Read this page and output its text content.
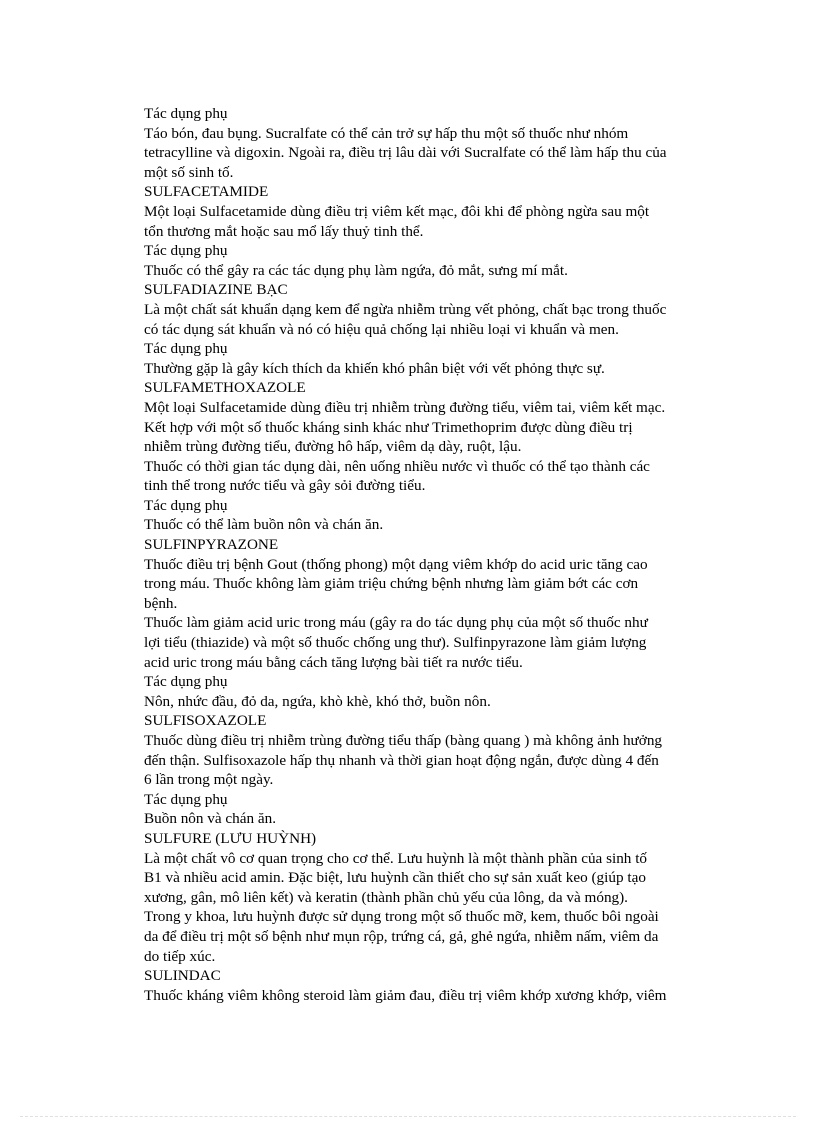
Tác dụng phụ
Táo bón, đau bụng. Sucralfate có thể cản trở sự hấp thu một số thuốc như nhóm
tetracylline và digoxin. Ngoài ra, điều trị lâu dài với Sucralfate có thể làm hấp thu của
một số sinh tố.
SULFACETAMIDE
Một loại Sulfacetamide dùng điều trị viêm kết mạc, đôi khi để phòng ngừa sau một
tổn thương mắt hoặc sau mổ lấy thuỷ tinh thể.
Tác dụng phụ
Thuốc có thể gây ra các tác dụng phụ làm ngứa, đỏ mắt, sưng mí mắt.
SULFADIAZINE BẠC
Là một chất sát khuẩn dạng kem để ngừa nhiễm trùng vết phỏng, chất bạc trong thuốc
có tác dụng sát khuẩn và nó có hiệu quả chống lại nhiều loại vi khuẩn và men.
Tác dụng phụ
Thường gặp là gây kích thích da khiến khó phân biệt với vết phỏng thực sự.
SULFAMETHOXAZOLE
Một loại Sulfacetamide dùng điều trị nhiễm trùng đường tiểu, viêm tai, viêm kết mạc.
Kết hợp với một số thuốc kháng sinh khác như Trimethoprim được dùng điều trị
nhiễm trùng đường tiểu, đường hô hấp, viêm dạ dày, ruột, lậu.
Thuốc có thời gian tác dụng dài, nên uống nhiều nước vì thuốc có thể tạo thành các
tinh thể trong nước tiểu và gây sỏi đường tiểu.
Tác dụng phụ
Thuốc có thể làm buồn nôn và chán ăn.
SULFINPYRAZONE
Thuốc điều trị bệnh Gout (thống phong) một dạng viêm khớp do acid uric tăng cao
trong máu. Thuốc không làm giảm triệu chứng bệnh nhưng làm giảm bớt các cơn
bệnh.
Thuốc làm giảm acid uric trong máu (gây ra do tác dụng phụ của một số thuốc như
lợi tiểu (thiazide) và một số thuốc chống ung thư). Sulfinpyrazone làm giảm lượng
acid uric trong máu bằng cách tăng lượng bài tiết ra nước tiểu.
Tác dụng phụ
Nôn, nhức đầu, đỏ da, ngứa, khò khè, khó thở, buồn nôn.
SULFISOXAZOLE
Thuốc dùng điều trị nhiễm trùng đường tiểu thấp (bàng quang ) mà không ảnh hưởng
đến thận. Sulfisoxazole hấp thụ nhanh và thời gian hoạt động ngắn, được dùng 4 đến
6 lần trong một ngày.
Tác dụng phụ
Buồn nôn và chán ăn.
SULFURE (LƯU HUỲNH)
Là một chất vô cơ quan trọng cho cơ thể. Lưu huỳnh là một thành phần của sinh tố
B1 và nhiều acid amin. Đặc biệt, lưu huỳnh cần thiết cho sự sản xuất keo (giúp tạo
xương, gân, mô liên kết) và keratin (thành phần chủ yếu của lông, da và móng).
Trong y khoa, lưu huỳnh được sử dụng trong một số thuốc mỡ, kem, thuốc bôi ngoài
da để điều trị một số bệnh như mụn rộp, trứng cá, gả, ghẻ ngứa, nhiễm nấm, viêm da
do tiếp xúc.
SULINDAC
Thuốc kháng viêm không steroid làm giảm đau, điều trị viêm khớp xương khớp, viêm
